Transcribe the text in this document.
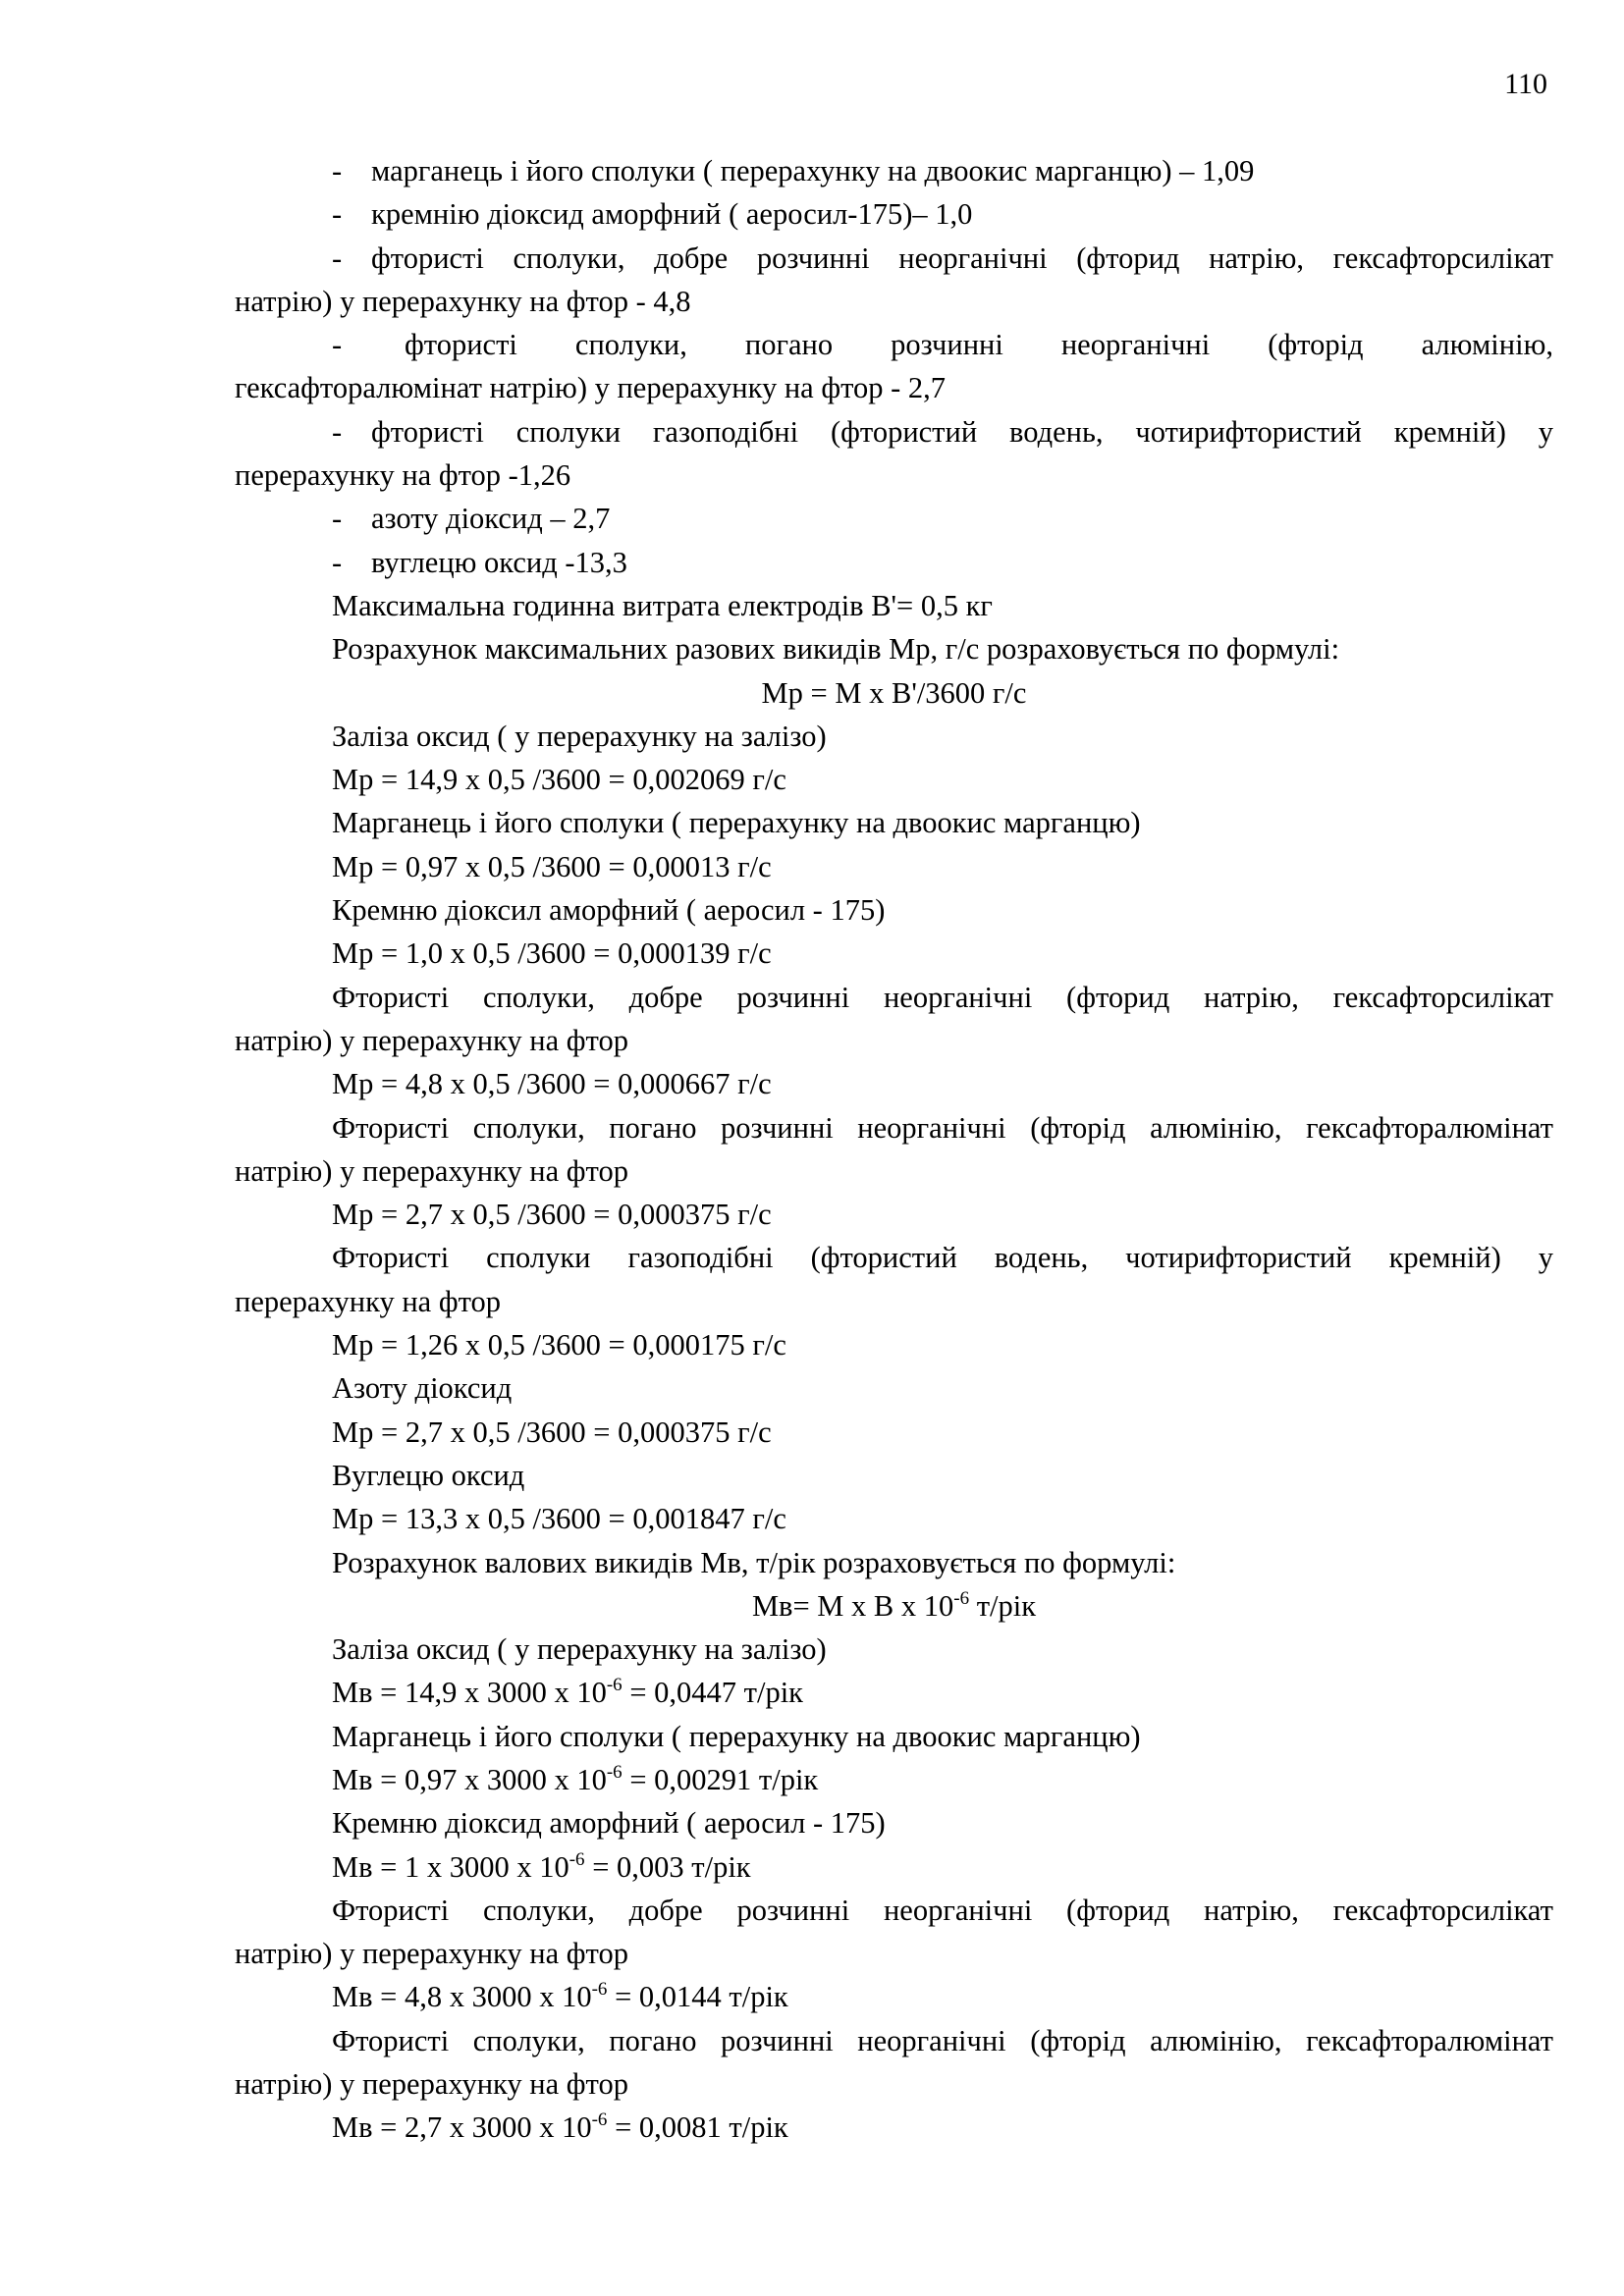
110
- марганець і його сполуки ( перерахунку на двоокис марганцю) – 1,09
- кремнію діоксид аморфний ( аеросил-175)– 1,0
- фтористі сполуки, добре розчинні неорганічні (фторид натрію, гексафторсилікат
натрію) у перерахунку на фтор - 4,8
- фтористі сполуки, погано розчинні неорганічні (фторід алюмінію,
гексафторалюмінат натрію) у перерахунку на фтор - 2,7
- фтористі сполуки газоподібні (фтористий водень, чотирифтористий кремній) у
перерахунку на фтор -1,26
- азоту діоксид – 2,7
- вуглецю оксид -13,3
Максимальна годинна витрата електродів В'= 0,5 кг
Розрахунок максимальних разових викидів Мр, г/с розраховується по формулі:
Мр = М х В'/3600 г/с
Заліза оксид ( у перерахунку на залізо)
Мр = 14,9 х 0,5 /3600 = 0,002069 г/с
Марганець і його сполуки ( перерахунку на двоокис марганцю)
Мр = 0,97 х 0,5 /3600 = 0,00013 г/с
Кремню діоксил аморфний ( аеросил - 175)
Мр = 1,0 х 0,5 /3600 = 0,000139 г/с
Фтористі сполуки, добре розчинні неорганічні (фторид натрію, гексафторсилікат
натрію) у перерахунку на фтор
Мр = 4,8 х 0,5 /3600 = 0,000667 г/с
Фтористі сполуки, погано розчинні неорганічні (фторід алюмінію, гексафторалюмінат
натрію) у перерахунку на фтор
Мр = 2,7 х 0,5 /3600 = 0,000375 г/с
Фтористі сполуки газоподібні (фтористий водень, чотирифтористий кремній) у
перерахунку на фтор
Мр = 1,26 х 0,5 /3600 = 0,000175 г/с
Азоту діоксид
Мр = 2,7 х 0,5 /3600 = 0,000375 г/с
Вуглецю оксид
Мр = 13,3 х 0,5 /3600 = 0,001847 г/с
Розрахунок валових викидів Мв, т/рік розраховується по формулі:
Мв= М х В х $10^{-6}$ т/рік
Заліза оксид ( у перерахунку на залізо)
Мв = 14,9 х 3000 х $10^{-6} = 0,0447$ т/рік
Марганець і його сполуки ( перерахунку на двоокис марганцю)
Мв = 0,97 х 3000 х $10^{-6} = 0,00291$ т/рік
Кремню діоксид аморфний ( аеросил - 175)
Мв = 1 х 3000 х $10^{-6} = 0,003$ т/рік
Фтористі сполуки, добре розчинні неорганічні (фторид натрію, гексафторсилікат
натрію) у перерахунку на фтор
Мв = 4,8 х 3000 х $10^{-6} = 0,0144$ т/рік
Фтористі сполуки, погано розчинні неорганічні (фторід алюмінію, гексафторалюмінат
натрію) у перерахунку на фтор
Мв = 2,7 х 3000 х $10^{-6} = 0,0081$ т/рік
